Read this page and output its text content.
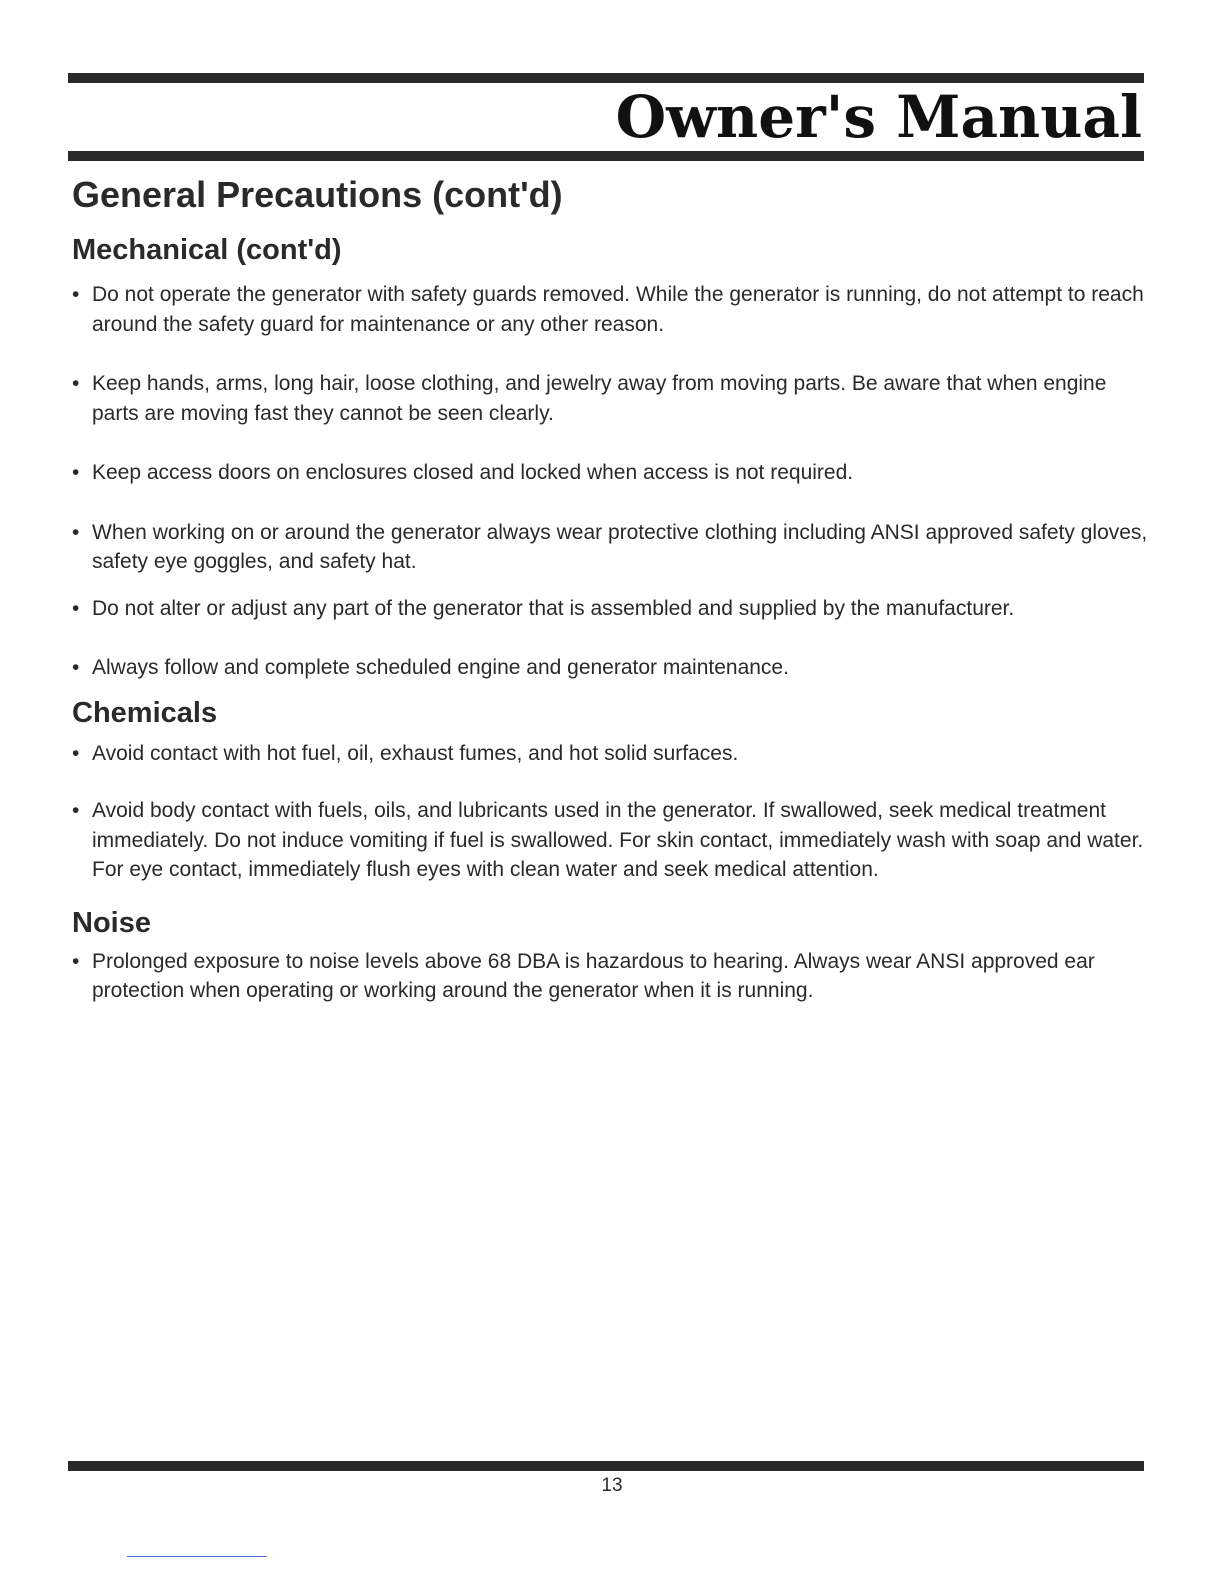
Owner's Manual
General Precautions (cont'd)
Mechanical (cont'd)
• Do not operate the generator with safety guards removed. While the generator is running, do not attempt to reach around the safety guard for maintenance or any other reason.
• Keep hands, arms, long hair, loose clothing, and jewelry away from moving parts. Be aware that when engine parts are moving fast they cannot be seen clearly.
• Keep access doors on enclosures closed and locked when access is not required.
• When working on or around the generator always wear protective clothing including ANSI approved safety gloves, safety eye goggles, and safety hat.
• Do not alter or adjust any part of the generator that is assembled and supplied by the manufacturer.
• Always follow and complete scheduled engine and generator maintenance.
Chemicals
• Avoid contact with hot fuel, oil, exhaust fumes, and hot solid surfaces.
• Avoid body contact with fuels, oils, and lubricants used in the generator. If swallowed, seek medical treatment immediately. Do not induce vomiting if fuel is swallowed. For skin contact, immediately wash with soap and water. For eye contact, immediately flush eyes with clean water and seek medical attention.
Noise
• Prolonged exposure to noise levels above 68 DBA is hazardous to hearing. Always wear ANSI approved ear protection when operating or working around the generator when it is running.
13
